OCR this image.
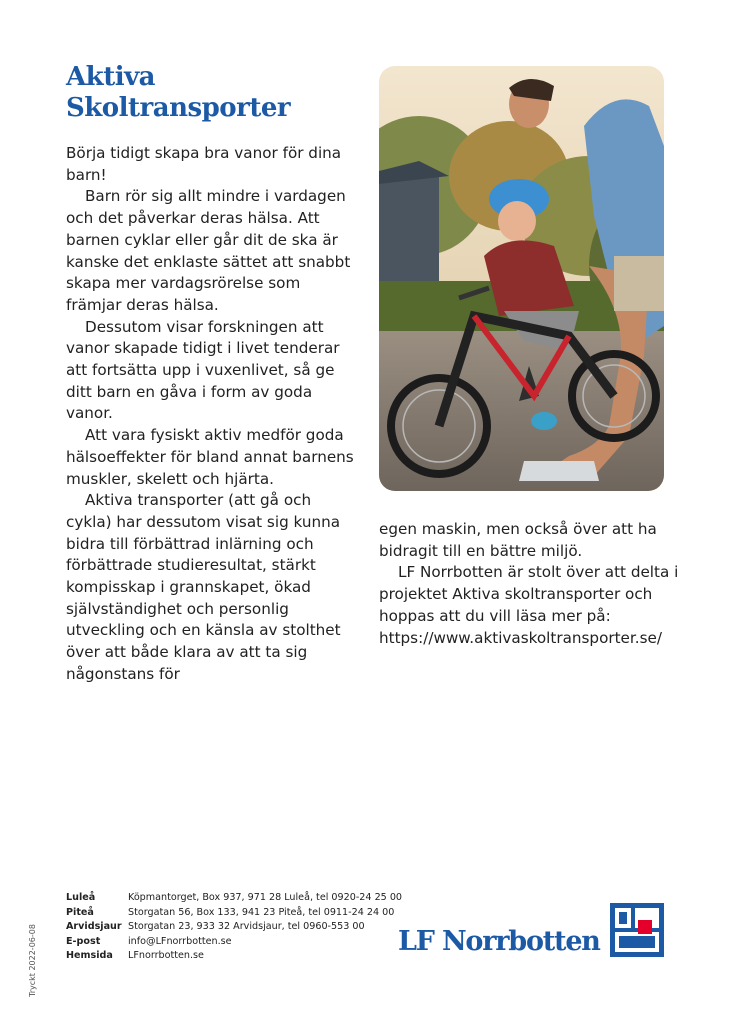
Aktiva
Skoltransporter

Börja tidigt skapa bra vanor för dina barn!

Barn rör sig allt mindre i vardagen och det påverkar deras hälsa. Att barnen cyklar eller går dit de ska är kanske det enklaste sättet att snabbt skapa mer vardagsrörelse som främjar deras hälsa.

Dessutom visar forskningen att vanor skapade tidigt i livet tenderar att fortsätta upp i vuxenlivet, så ge ditt barn en gåva i form av goda vanor.

Att vara fysiskt aktiv medför goda hälsoeffekter för bland annat barnens muskler, skelett och hjärta.

Aktiva transporter (att gå och cykla) har dessutom visat sig kunna bidra till förbättrad inlärning och förbättrade studieresultat, stärkt kompisskap i grannskapet, ökad självständighet och personlig utveckling och en känsla av stolthet över att både klara av att ta sig någonstans för

egen maskin, men också över att ha bidragit till en bättre miljö.

LF Norrbotten är stolt över att delta i projektet Aktiva skoltransporter och hoppas att du vill läsa mer på: https://www.aktivaskoltransporter.se/

Luleå	Köpmantorget, Box 937, 971 28 Luleå, tel 0920-24 25 00
Piteå	Storgatan 56, Box 133, 941 23 Piteå, tel 0911-24 24 00
Arvidsjaur Storgatan 23, 933 32 Arvidsjaur, tel 0960-553 00
E-post	info@LFnorrbotten.se
Hemsida	LFnorrbotten.se
Tryckt 2022-06-08	LF Norrbotten
